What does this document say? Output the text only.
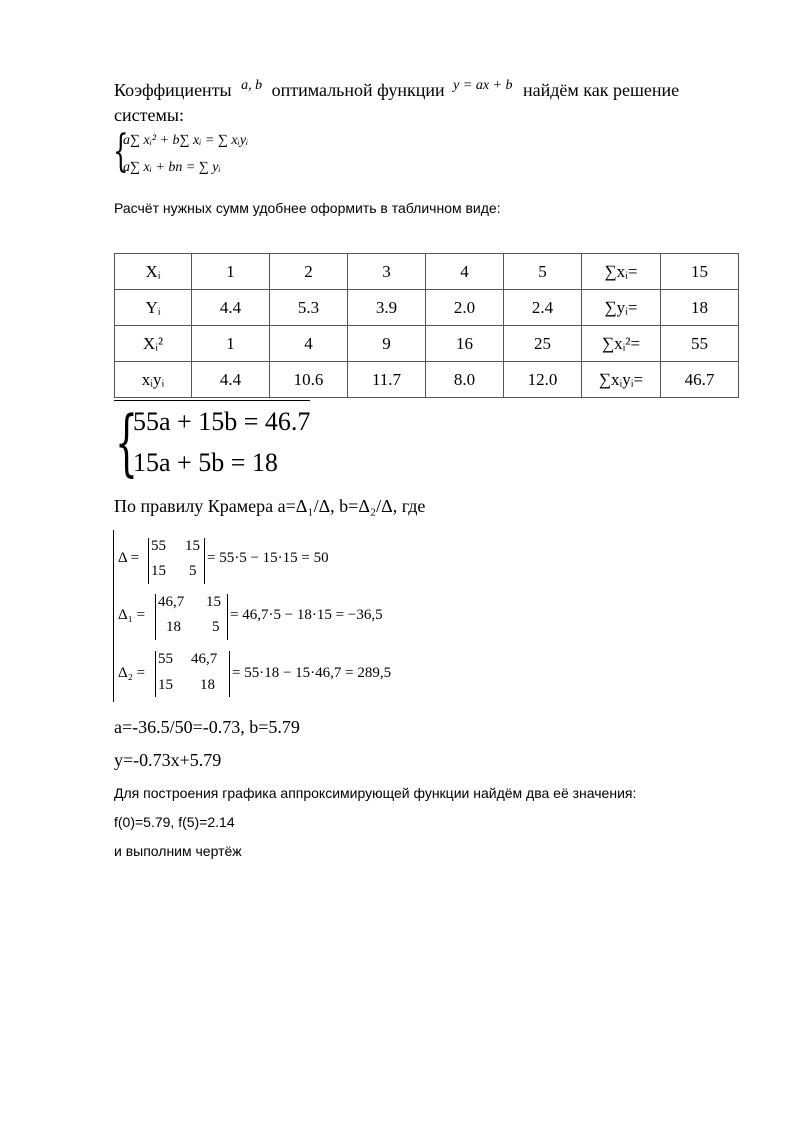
Коэффициенты $^{a, b}$ оптимальной функции $^{y = ax + b}$ найдём как решение
системы:
{
a∑ xᵢ² + b∑ xᵢ = ∑ xᵢyᵢ
a∑ xᵢ + bn = ∑ yᵢ
Расчёт нужных сумм удобнее оформить в табличном виде:
Xᵢ	1	2	3	4	5	∑xᵢ=	15
Yᵢ	4.4	5.3	3.9	2.0	2.4	∑yᵢ=	18
Xᵢ²	1	4	9	16	25	∑xᵢ²=	55
xᵢyᵢ	4.4	10.6	11.7	8.0	12.0	∑xᵢyᵢ=	46.7
{
55a + 15b = 46.7
15a + 5b = 18
По правилу Крамера a=Δ₁/Δ, b=Δ₂/Δ, где
Δ =
55 15
15 5
= 55·5 − 15·15 = 50
Δ₁ =
46,7 15
18 5
= 46,7·5 − 18·15 = −36,5
Δ₂ =
55 46,7
15 18
= 55·18 − 15·46,7 = 289,5
a=-36.5/50=-0.73, b=5.79
y=-0.73x+5.79
Для построения графика аппроксимирующей функции найдём два её значения:
f(0)=5.79, f(5)=2.14
и выполним чертёж
